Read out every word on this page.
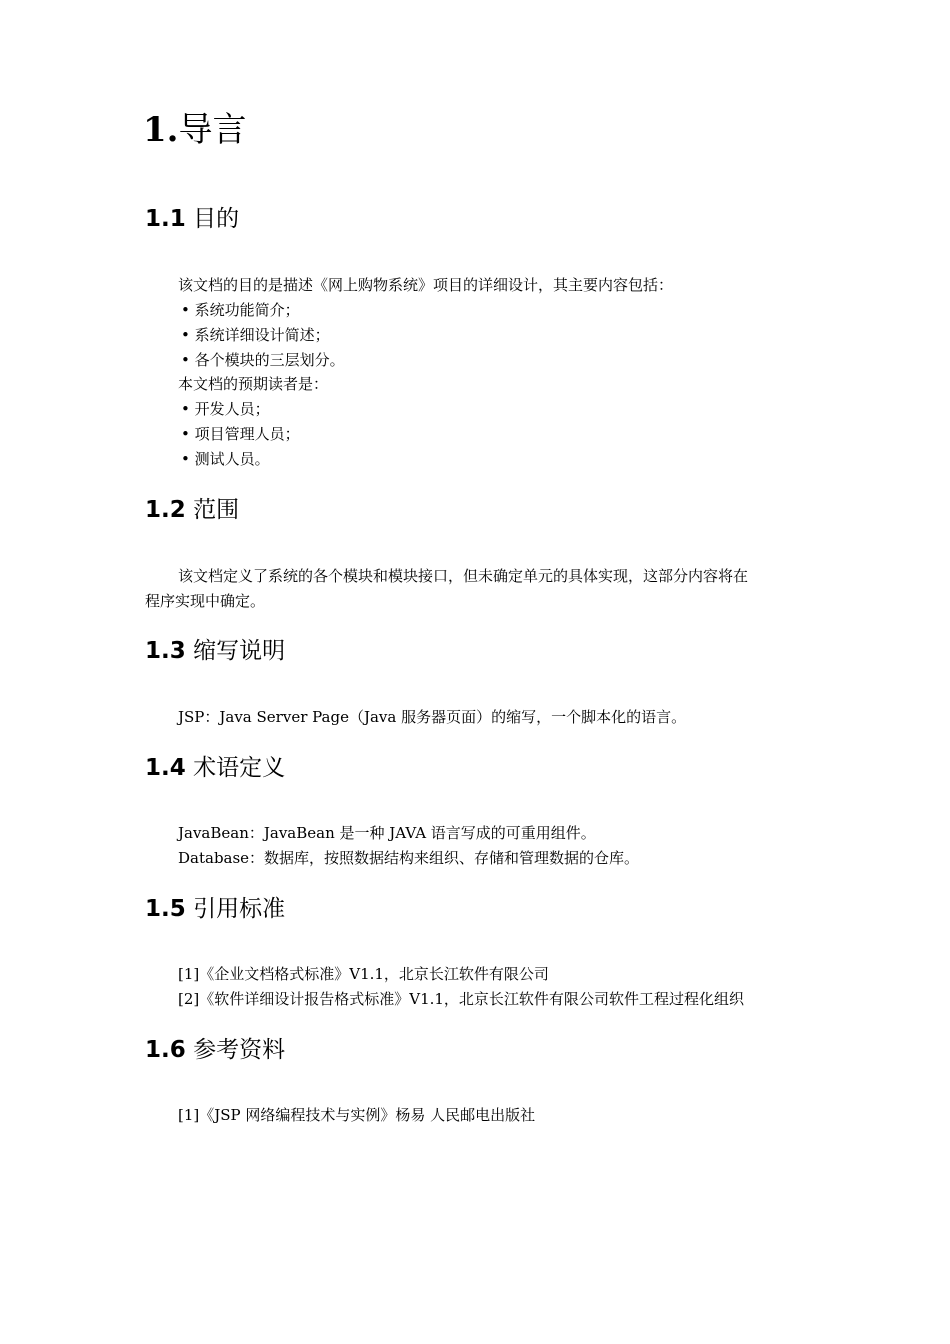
1.导言
1.1 目的

该文档的目的是描述《网上购物系统》项目的详细设计，其主要内容包括：

• 系统功能简介；

• 系统详细设计简述；

• 各个模块的三层划分。

本文档的预期读者是：

• 开发人员；

• 项目管理人员；

• 测试人员。

1.2 范围

该文档定义了系统的各个模块和模块接口，但未确定单元的具体实现，这部分内容将在

程序实现中确定。

1.3 缩写说明

JSP：Java Server Page（Java 服务器页面）的缩写，一个脚本化的语言。

1.4 术语定义

JavaBean：JavaBean 是一种 JAVA 语言写成的可重用组件。

Database：数据库，按照数据结构来组织、存储和管理数据的仓库。

1.5 引用标准

[1]《企业文档格式标准》V1.1，北京长江软件有限公司

[2]《软件详细设计报告格式标准》V1.1，北京长江软件有限公司软件工程过程化组织

1.6 参考资料

[1]《JSP 网络编程技术与实例》杨易 人民邮电出版社
